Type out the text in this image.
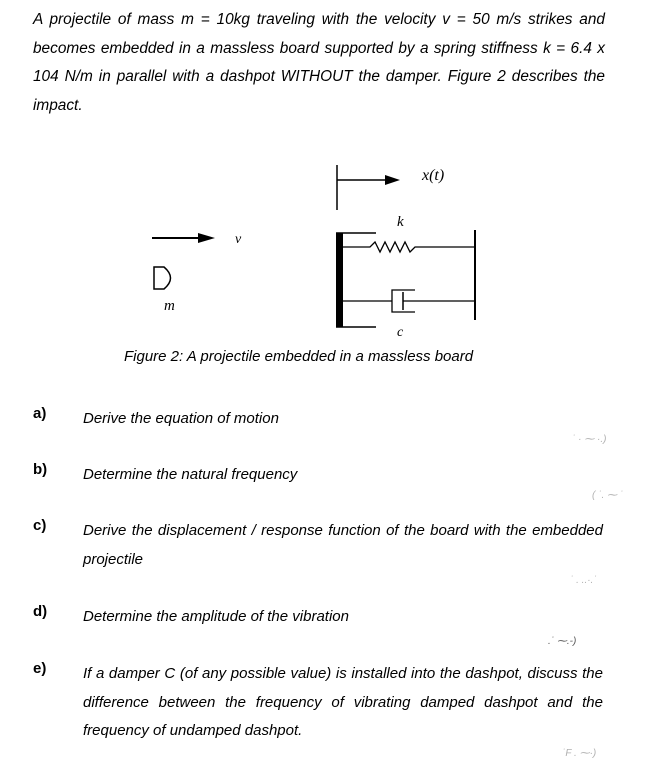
A projectile of mass m = 10kg traveling with the velocity v = 50 m/s strikes and becomes embedded in a massless board supported by a spring stiffness k = 6.4 x 104 N/m in parallel with a dashpot WITHOUT the damper. Figure 2 describes the impact.
x(t)
v
m
k
c
Figure 2: A projectile embedded in a massless board
a) Derive the equation of motion
b) Determine the natural frequency
c) Derive the displacement / response function of the board with the embedded projectile
d) Determine the amplitude of the vibration
e) If a damper C (of any possible value) is installed into the dashpot, discuss the difference between the frequency of vibrating damped dashpot and the frequency of undamped dashpot.
˙ · ⁓ ·.)
( ˙. ⁓ ˙
˙ . ..·.˙
.˙ ⁓.-)
˙F . ⁓·)
